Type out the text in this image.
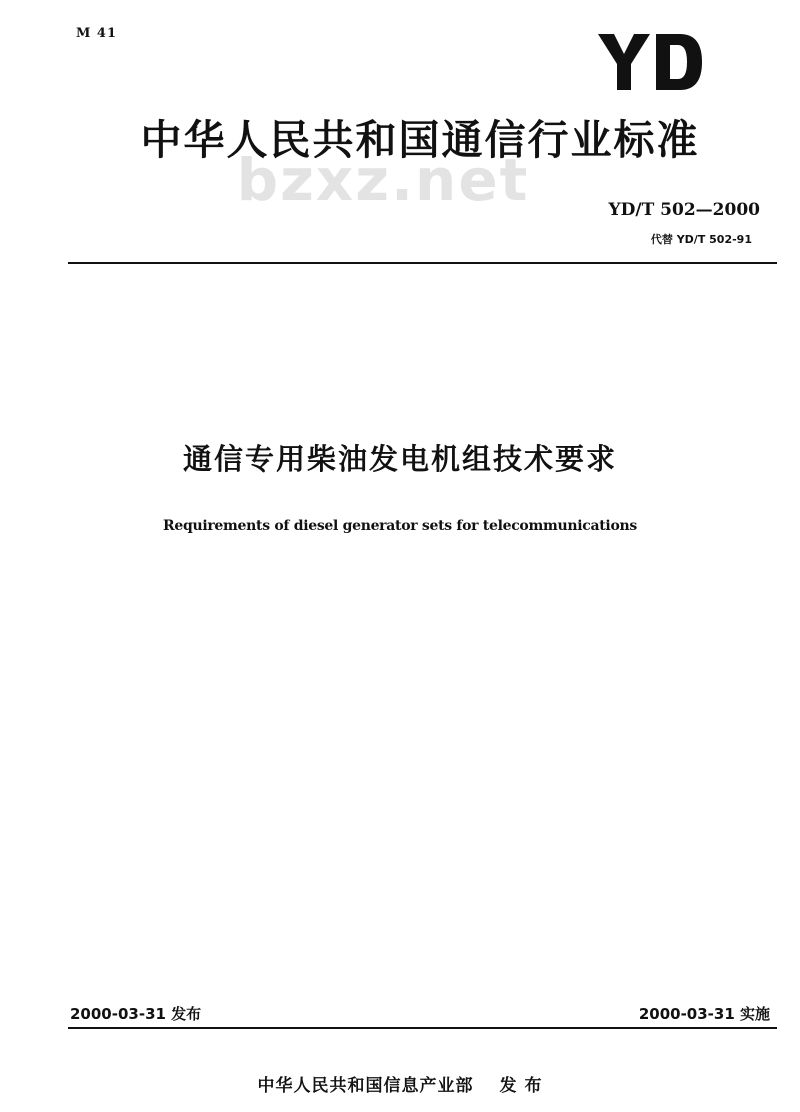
M 41
中华人民共和国通信行业标准
bzxz.net	YD/T 502—2000
代替 YD/T 502-91
通信专用柴油发电机组技术要求
Requirements of diesel generator sets for telecommunications
2000-03-31 发布	2000-03-31 实施
中华人民共和国信息产业部 发 布
